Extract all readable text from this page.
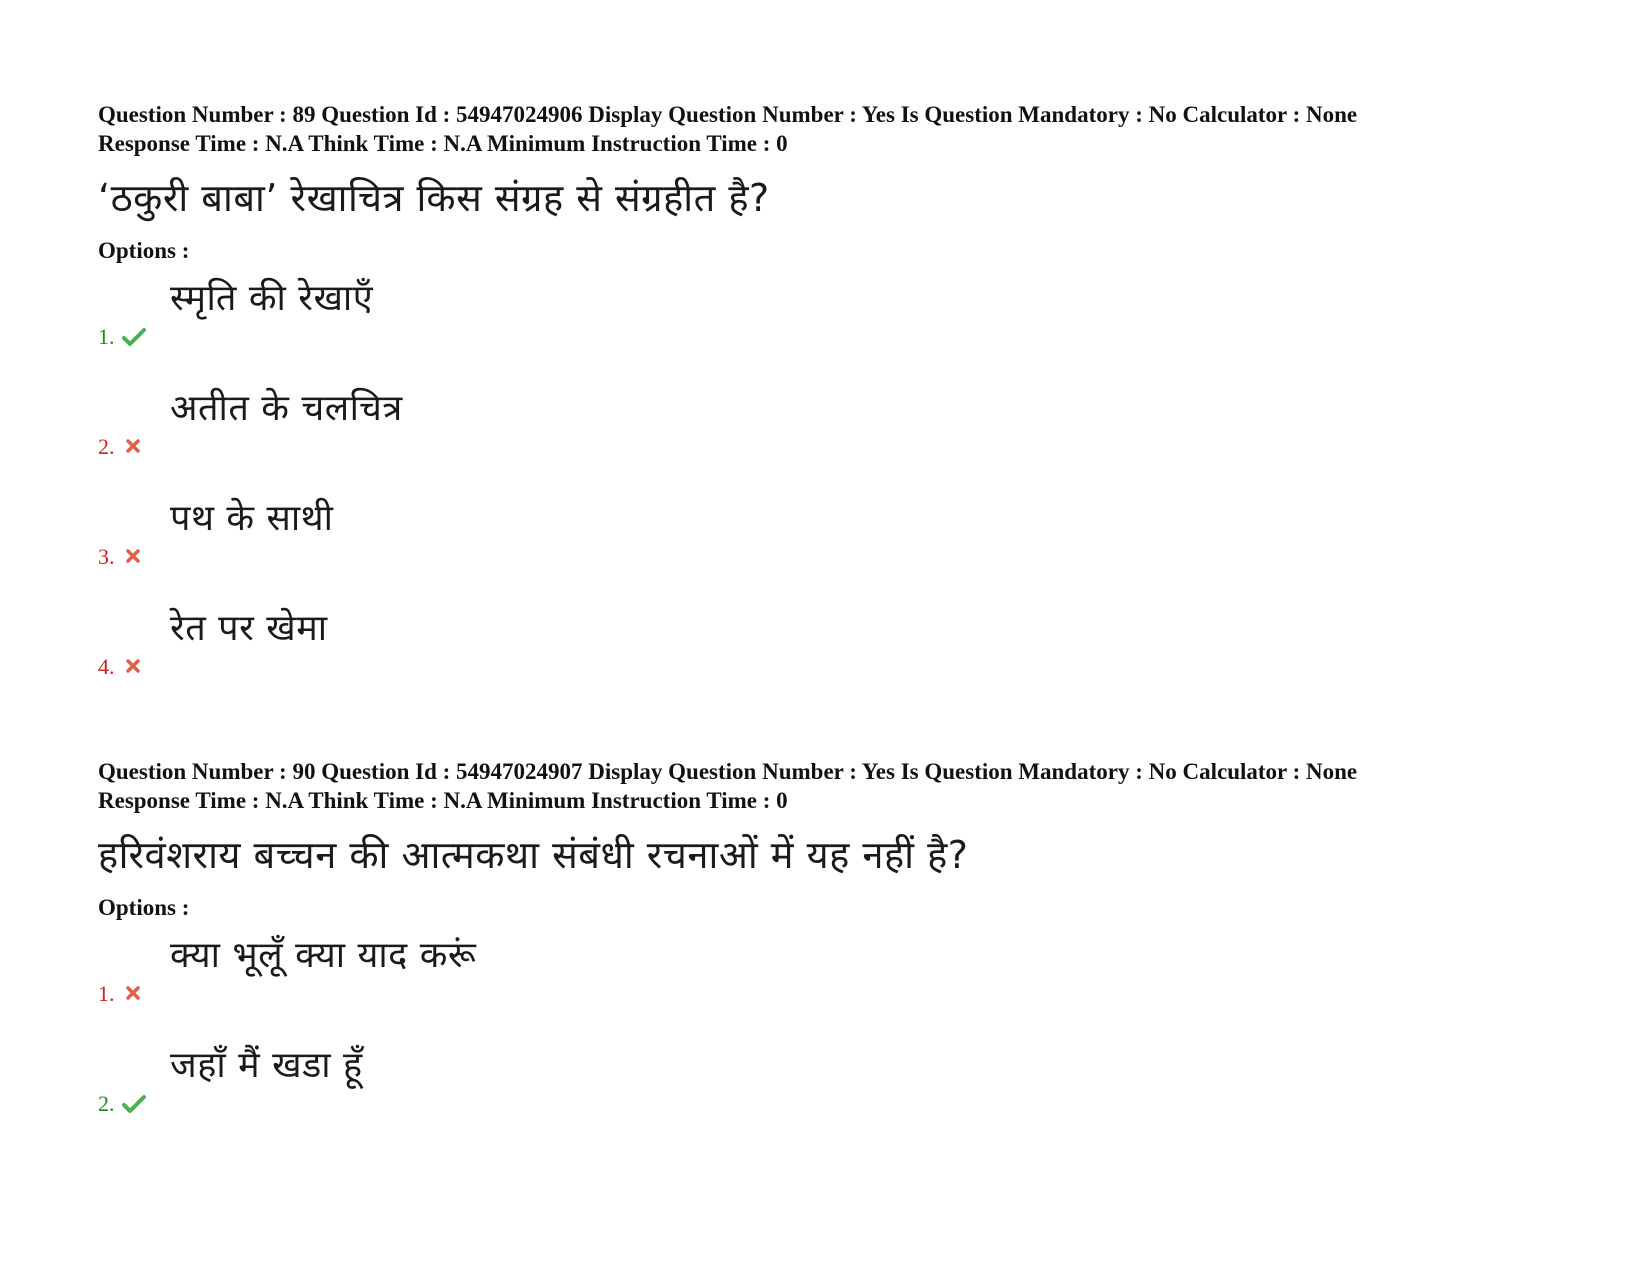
Question Number : 89 Question Id : 54947024906 Display Question Number : Yes Is Question Mandatory : No Calculator : None

Response Time : N.A Think Time : N.A Minimum Instruction Time : 0

‘ठकुरी बाबा’ रेखाचित्र किस संग्रह से संग्रहीत है?

Options :
1.
स्मृति की रेखाएँ
2.
अतीत के चलचित्र
3.
पथ के साथी
4.
रेत पर खेमा

Question Number : 90 Question Id : 54947024907 Display Question Number : Yes Is Question Mandatory : No Calculator : None

Response Time : N.A Think Time : N.A Minimum Instruction Time : 0

हरिवंशराय बच्चन की आत्मकथा संबंधी रचनाओं में यह नहीं है?

Options :
1.
क्या भूलूँ क्या याद करूं
2.
जहाँ मैं खडा हूँ
